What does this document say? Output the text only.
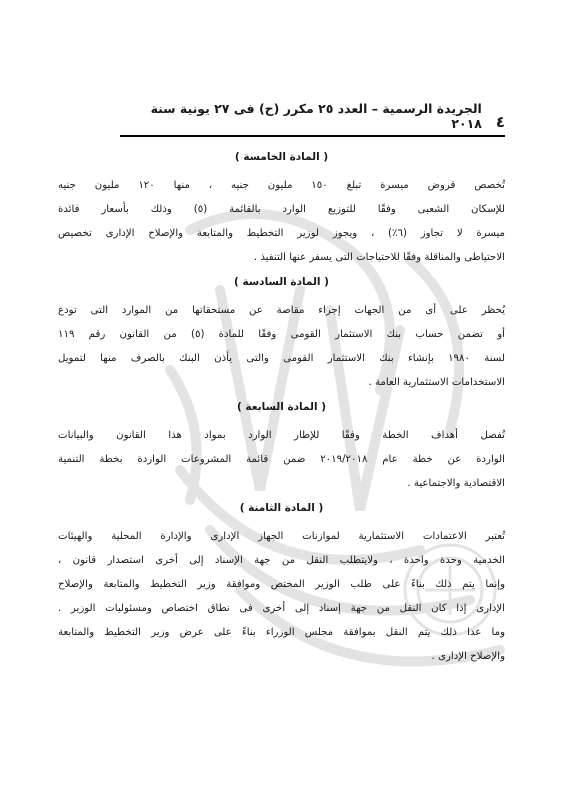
٤
الجريدة الرسمية – العدد ٢٥ مكرر (ح) فى ٢٧ يونية سنة ٢٠١٨
( المادة الخامسة )
تُخصص قروض ميسرة تبلغ ١٥٠ مليون جنيه ، منها ١٢٠ مليون جنيه
للإسكان الشعبى وفقًا للتوزيع الوارد بالقائمة (٥) وذلك بأسعار فائدة
ميسرة لا تجاوز (٦٪) ، ويجوز لوزير التخطيط والمتابعة والإصلاح الإدارى تخصيص
الاحتياطى والمناقلة وفقًا للاحتياجات التى يسفر عنها التنفيذ .
( المادة السادسة )
يُحظر على أى من الجهات إجراء مقاصة عن مستحقاتها من الموارد التى تودع
أو تضمن حساب بنك الاستثمار القومى وفقًا للمادة (٥) من القانون رقم ١١٩
لسنة ١٩٨٠ بإنشاء بنك الاستثمار القومى والتى يأذن البنك بالصرف منها لتمويل
الاستخدامات الاستثمارية العامة .
( المادة السابعة )
تُفصل أهداف الخطة وفقًا للإطار الوارد بمواد هذا القانون والبيانات
الواردة عن خطة عام ٢٠١٩/٢٠١٨ ضمن قائمة المشروعات الواردة بخطة التنمية
الاقتصادية والاجتماعية .
( المادة الثامنة )
تُعتبر الاعتمادات الاستثمارية لموازنات الجهاز الإدارى والإدارة المحلية والهيئات
الخدمية وحدة واحدة ، ولايتطلب النقل من جهة الإسناد إلى أخرى استصدار قانون ،
وإنما يتم ذلك بناءً على طلب الوزير المختص وموافقة وزير التخطيط والمتابعة والإصلاح
الإدارى إذا كان النقل من جهة إسناد إلى أخرى فى نطاق اختصاص ومسئوليات الوزير .
وما عدا ذلك يتم النقل بموافقة مجلس الوزراء بناءً على عرض وزير التخطيط والمتابعة
والإصلاح الإدارى .
